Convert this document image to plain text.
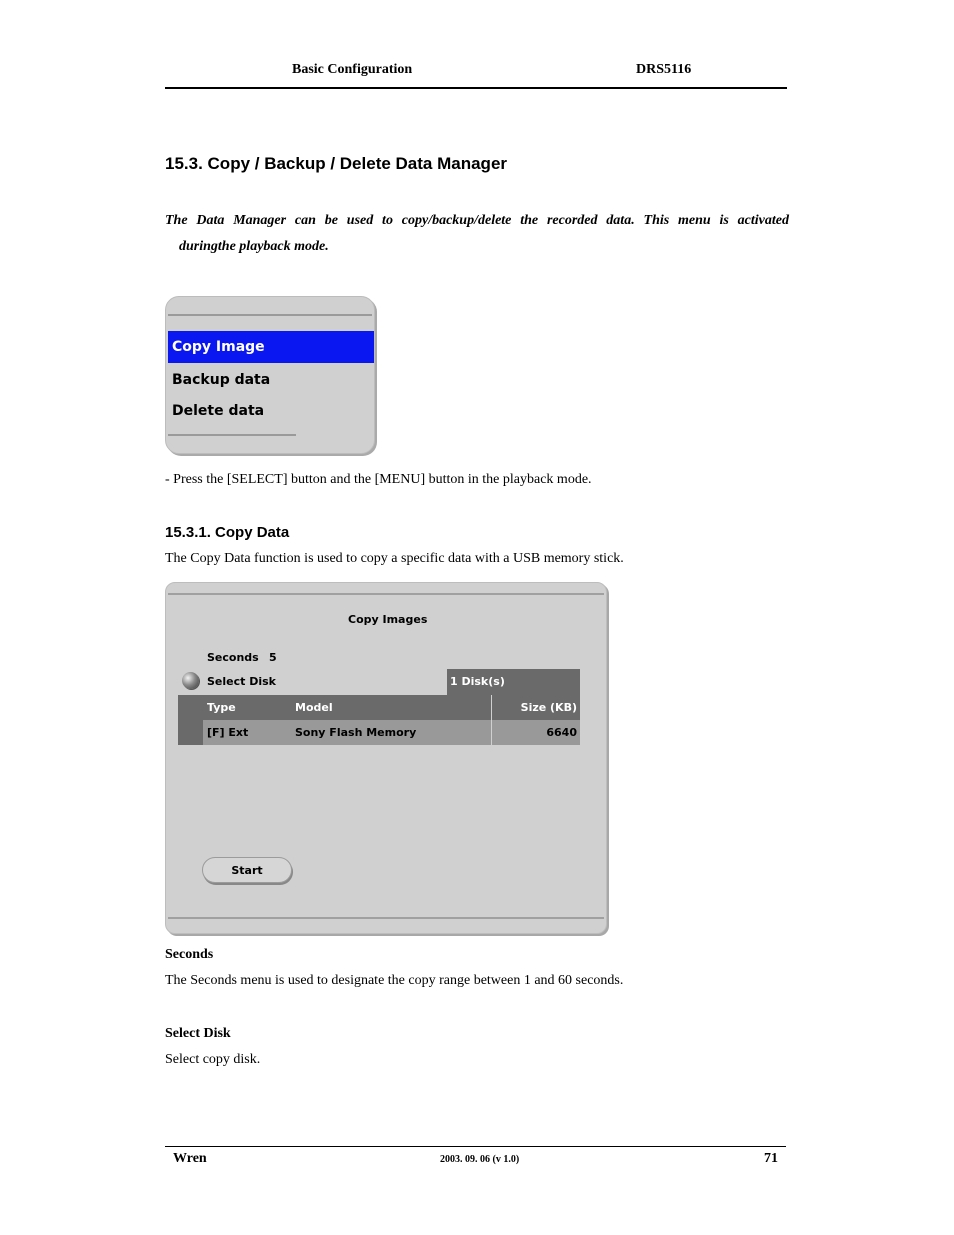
Basic Configuration	DRS5116
15.3. Copy / Backup / Delete Data Manager
The Data Manager can be used to copy/backup/delete the recorded data. This menu is activated
duringthe playback mode.
Copy Image
Backup data
Delete data
- Press the [SELECT] button and the [MENU] button in the playback mode.
15.3.1. Copy Data
The Copy Data function is used to copy a specific data with a USB memory stick.
Copy Images
Seconds 5
Select Disk	1 Disk(s)
Type	Model	Size (KB)
[F] Ext	Sony Flash Memory	6640
Start
Seconds
The Seconds menu is used to designate the copy range between 1 and 60 seconds.
Select Disk
Select copy disk.
Wren	2003. 09. 06 (v 1.0)	71
